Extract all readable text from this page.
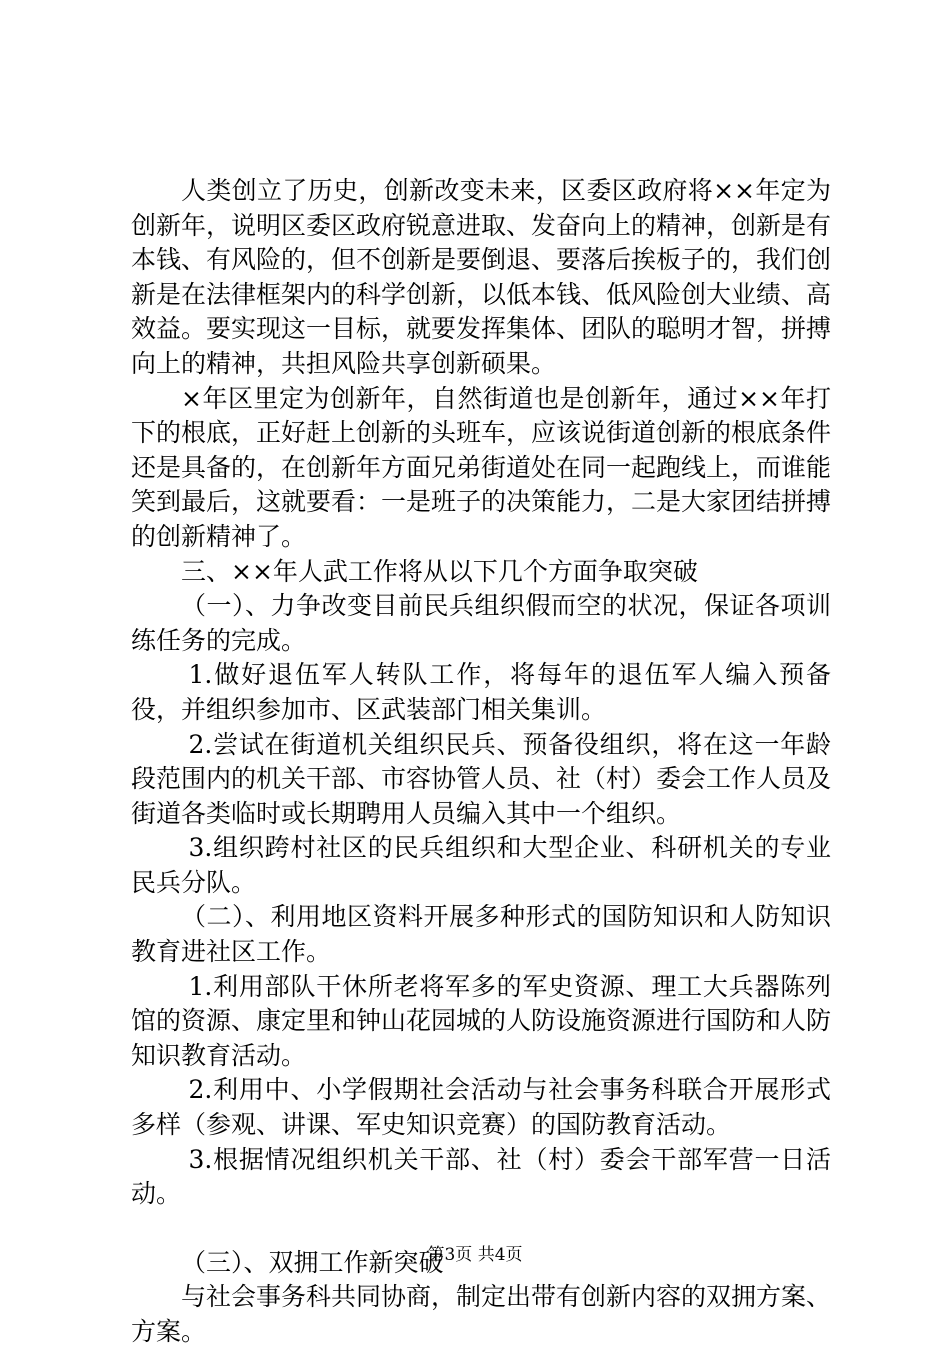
人类创立了历史，创新改变未来，区委区政府将××年定为创新年，说明区委区政府锐意进取、发奋向上的精神，创新是有本钱、有风险的，但不创新是要倒退、要落后挨板子的，我们创新是在法律框架内的科学创新，以低本钱、低风险创大业绩、高效益。要实现这一目标，就要发挥集体、团队的聪明才智，拼搏向上的精神，共担风险共享创新硕果。

×年区里定为创新年，自然街道也是创新年，通过××年打下的根底，正好赶上创新的头班车，应该说街道创新的根底条件还是具备的，在创新年方面兄弟街道处在同一起跑线上，而谁能笑到最后，这就要看：一是班子的决策能力，二是大家团结拼搏的创新精神了。

三、××年人武工作将从以下几个方面争取突破

（一）、力争改变目前民兵组织假而空的状况，保证各项训练任务的完成。

1.做好退伍军人转队工作，将每年的退伍军人编入预备役，并组织参加市、区武装部门相关集训。

2.尝试在街道机关组织民兵、预备役组织，将在这一年龄段范围内的机关干部、市容协管人员、社（村）委会工作人员及街道各类临时或长期聘用人员编入其中一个组织。

3.组织跨村社区的民兵组织和大型企业、科研机关的专业民兵分队。

（二）、利用地区资料开展多种形式的国防知识和人防知识教育进社区工作。

1.利用部队干休所老将军多的军史资源、理工大兵器陈列馆的资源、康定里和钟山花园城的人防设施资源进行国防和人防知识教育活动。

2.利用中、小学假期社会活动与社会事务科联合开展形式多样（参观、讲课、军史知识竞赛）的国防教育活动。

3.根据情况组织机关干部、社（村）委会干部军营一日活动。

（三）、双拥工作新突破

与社会事务科共同协商，制定出带有创新内容的双拥方案、方案。

第3页 共4页
